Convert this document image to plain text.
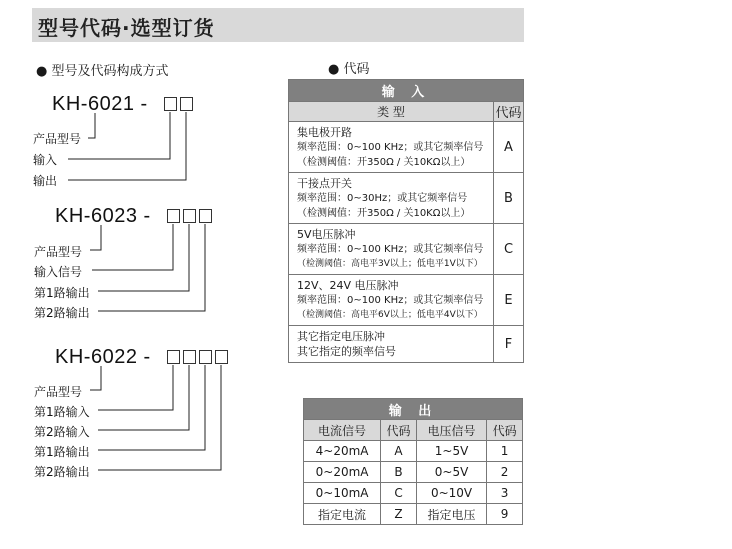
型号代码·选型订货
● 型号及代码构成方式	● 代码
KH-6021 -
产品型号
输入
输出
KH-6023 -
产品型号
输入信号
第1路输出
第2路输出
KH-6022 -
产品型号
第1路输入
第2路输入
第1路输出
第2路输出
输 入	
类 型	代码

集电极开路
频率范围：0~100 KHz；或其它频率信号
（检测阈值：开350Ω / 关10KΩ以上）	A

干接点开关
频率范围：0~30Hz；或其它频率信号
（检测阈值：开350Ω / 关10KΩ以上）	B

5V电压脉冲
频率范围：0~100 KHz；或其它频率信号
（检测阈值：高电平3V以上；低电平1V以下）	C

12V、24V 电压脉冲
频率范围：0~100 KHz；或其它频率信号
（检测阈值：高电平6V以上；低电平4V以下）	E

其它指定电压脉冲
其它指定的频率信号	F
输 出			
电流信号	代码	电压信号	代码
4~20mA	A	1~5V	1
0~20mA	B	0~5V	2
0~10mA	C	0~10V	3
指定电流	Z	指定电压	9
